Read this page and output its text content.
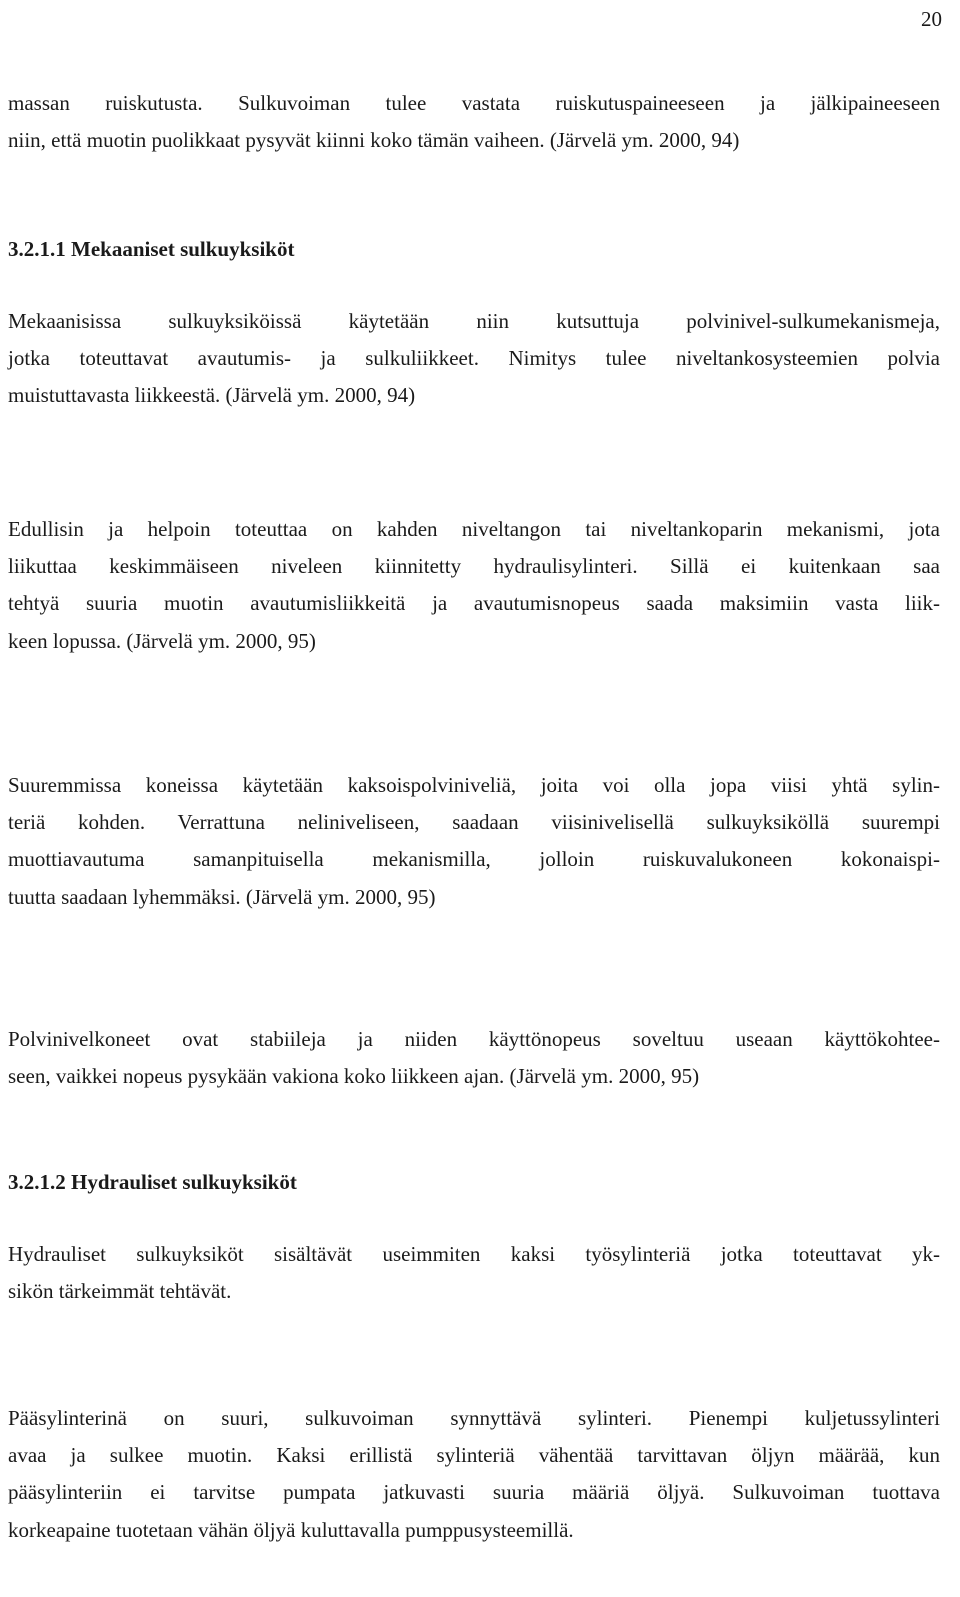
20
massan ruiskutusta. Sulkuvoiman tulee vastata ruiskutuspaineeseen ja jälkipaineeseen
niin, että muotin puolikkaat pysyvät kiinni koko tämän vaiheen. (Järvelä ym. 2000, 94)
3.2.1.1 Mekaaniset sulkuyksiköt
Mekaanisissa sulkuyksiköissä käytetään niin kutsuttuja polvinivel-sulkumekanismeja,
jotka toteuttavat avautumis- ja sulkuliikkeet. Nimitys tulee niveltankosysteemien polvia
muistuttavasta liikkeestä. (Järvelä ym. 2000, 94)
Edullisin ja helpoin toteuttaa on kahden niveltangon tai niveltankoparin mekanismi, jota
liikuttaa keskimmäiseen niveleen kiinnitetty hydraulisylinteri. Sillä ei kuitenkaan saa
tehtyä suuria muotin avautumisliikkeitä ja avautumisnopeus saada maksimiin vasta liik-
keen lopussa. (Järvelä ym. 2000, 95)
Suuremmissa koneissa käytetään kaksoispolviniveliä, joita voi olla jopa viisi yhtä sylin-
teriä kohden. Verrattuna neliniveliseen, saadaan viisinivelisellä sulkuyksiköllä suurempi
muottiavautuma samanpituisella mekanismilla, jolloin ruiskuvalukoneen kokonaispi-
tuutta saadaan lyhemmäksi. (Järvelä ym. 2000, 95)
Polvinivelkoneet ovat stabiileja ja niiden käyttönopeus soveltuu useaan käyttökohtee-
seen, vaikkei nopeus pysykään vakiona koko liikkeen ajan. (Järvelä ym. 2000, 95)
3.2.1.2 Hydrauliset sulkuyksiköt
Hydrauliset sulkuyksiköt sisältävät useimmiten kaksi työsylinteriä jotka toteuttavat yk-
sikön tärkeimmät tehtävät.
Pääsylinterinä on suuri, sulkuvoiman synnyttävä sylinteri. Pienempi kuljetussylinteri
avaa ja sulkee muotin. Kaksi erillistä sylinteriä vähentää tarvittavan öljyn määrää, kun
pääsylinteriin ei tarvitse pumpata jatkuvasti suuria määriä öljyä. Sulkuvoiman tuottava
korkeapaine tuotetaan vähän öljyä kuluttavalla pumppusysteemillä.
